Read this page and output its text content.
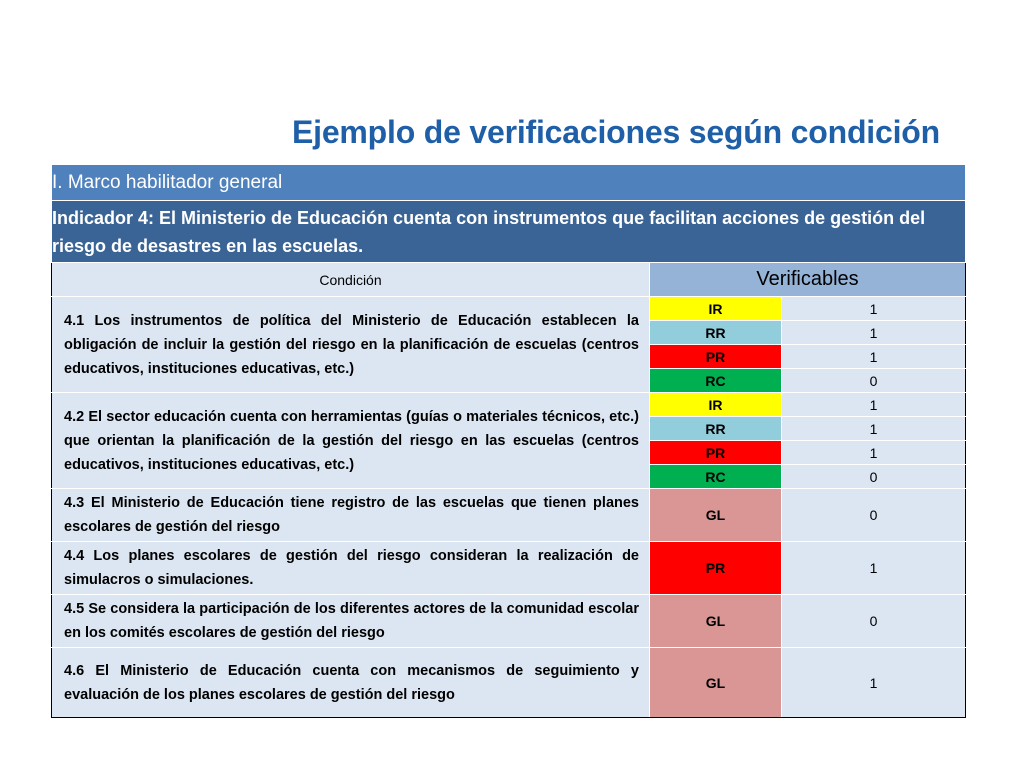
Ejemplo de verificaciones según condición
I. Marco habilitador general		
Indicador 4: El Ministerio de Educación cuenta con instrumentos que facilitan acciones de gestión del riesgo de desastres en las escuelas.		
Condición	Verificables	
4.1 Los instrumentos de política del Ministerio de Educación establecen la obligación de incluir la gestión del riesgo en la planificación de escuelas (centros educativos, instituciones educativas, etc.)	IR	1
	RR	1
	PR	1
	RC	0
4.2 El sector educación cuenta con herramientas (guías o materiales técnicos, etc.) que orientan la planificación de la gestión del riesgo en las escuelas (centros educativos, instituciones educativas, etc.)	IR	1
	RR	1
	PR	1
	RC	0
4.3 El Ministerio de Educación tiene registro de las escuelas que tienen planes escolares de gestión del riesgo	GL	0
4.4 Los planes escolares de gestión del riesgo consideran la realización de simulacros o simulaciones.	PR	1
4.5 Se considera la participación de los diferentes actores de la comunidad escolar en los comités escolares de gestión del riesgo	GL	0
4.6 El Ministerio de Educación cuenta con mecanismos de seguimiento y evaluación de los planes escolares de gestión del riesgo	GL	1
